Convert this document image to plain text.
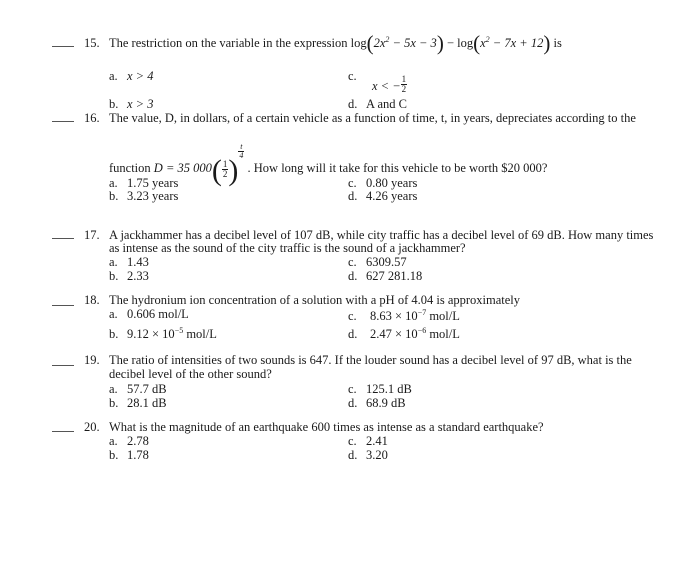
15. The restriction on the variable in the expression $\log(2x^2 - 5x - 3) - \log(x^2 - 7x + 12)$ is
a. x > 4	c.x < − $\frac{1}{2}$
b. x > 3	d. A and C
16. The value, D, in dollars, of a certain vehicle as a function of time, t, in years, depreciates according to the
function D = 35 $000( \frac{1}{2}$ )
$\frac{t}{4}$
. How long will it take for this vehicle to be worth $20 000?
a. 1.75 years	c. 0.80 years
b. 3.23 years	d. 4.26 years
17. A jackhammer has a decibel level of 107 dB, while city traffic has a decibel level of 69 dB. How many times
as intense as the sound of the city traffic is the sound of a jackhammer?
a. 1.43	c. 6309.57
b. 2.33	d. 627 281.18
18. The hydronium ion concentration of a solution with a pH of 4.04 is approximately
a. 0.606 mol/L	c. $8.63 \times 10^{-7}$ mol/L
b. $9.12 \times 10^{-5}$ mol/L	d. $2.47 \times 10^{-6}$ mol/L
19. The ratio of intensities of two sounds is 647. If the louder sound has a decibel level of 97 dB, what is the
decibel level of the other sound?
a. 57.7 dB	c. 125.1 dB
b. 28.1 dB	d. 68.9 dB
20. What is the magnitude of an earthquake 600 times as intense as a standard earthquake?
a. 2.78	c. 2.41
b. 1.78	d. 3.20
